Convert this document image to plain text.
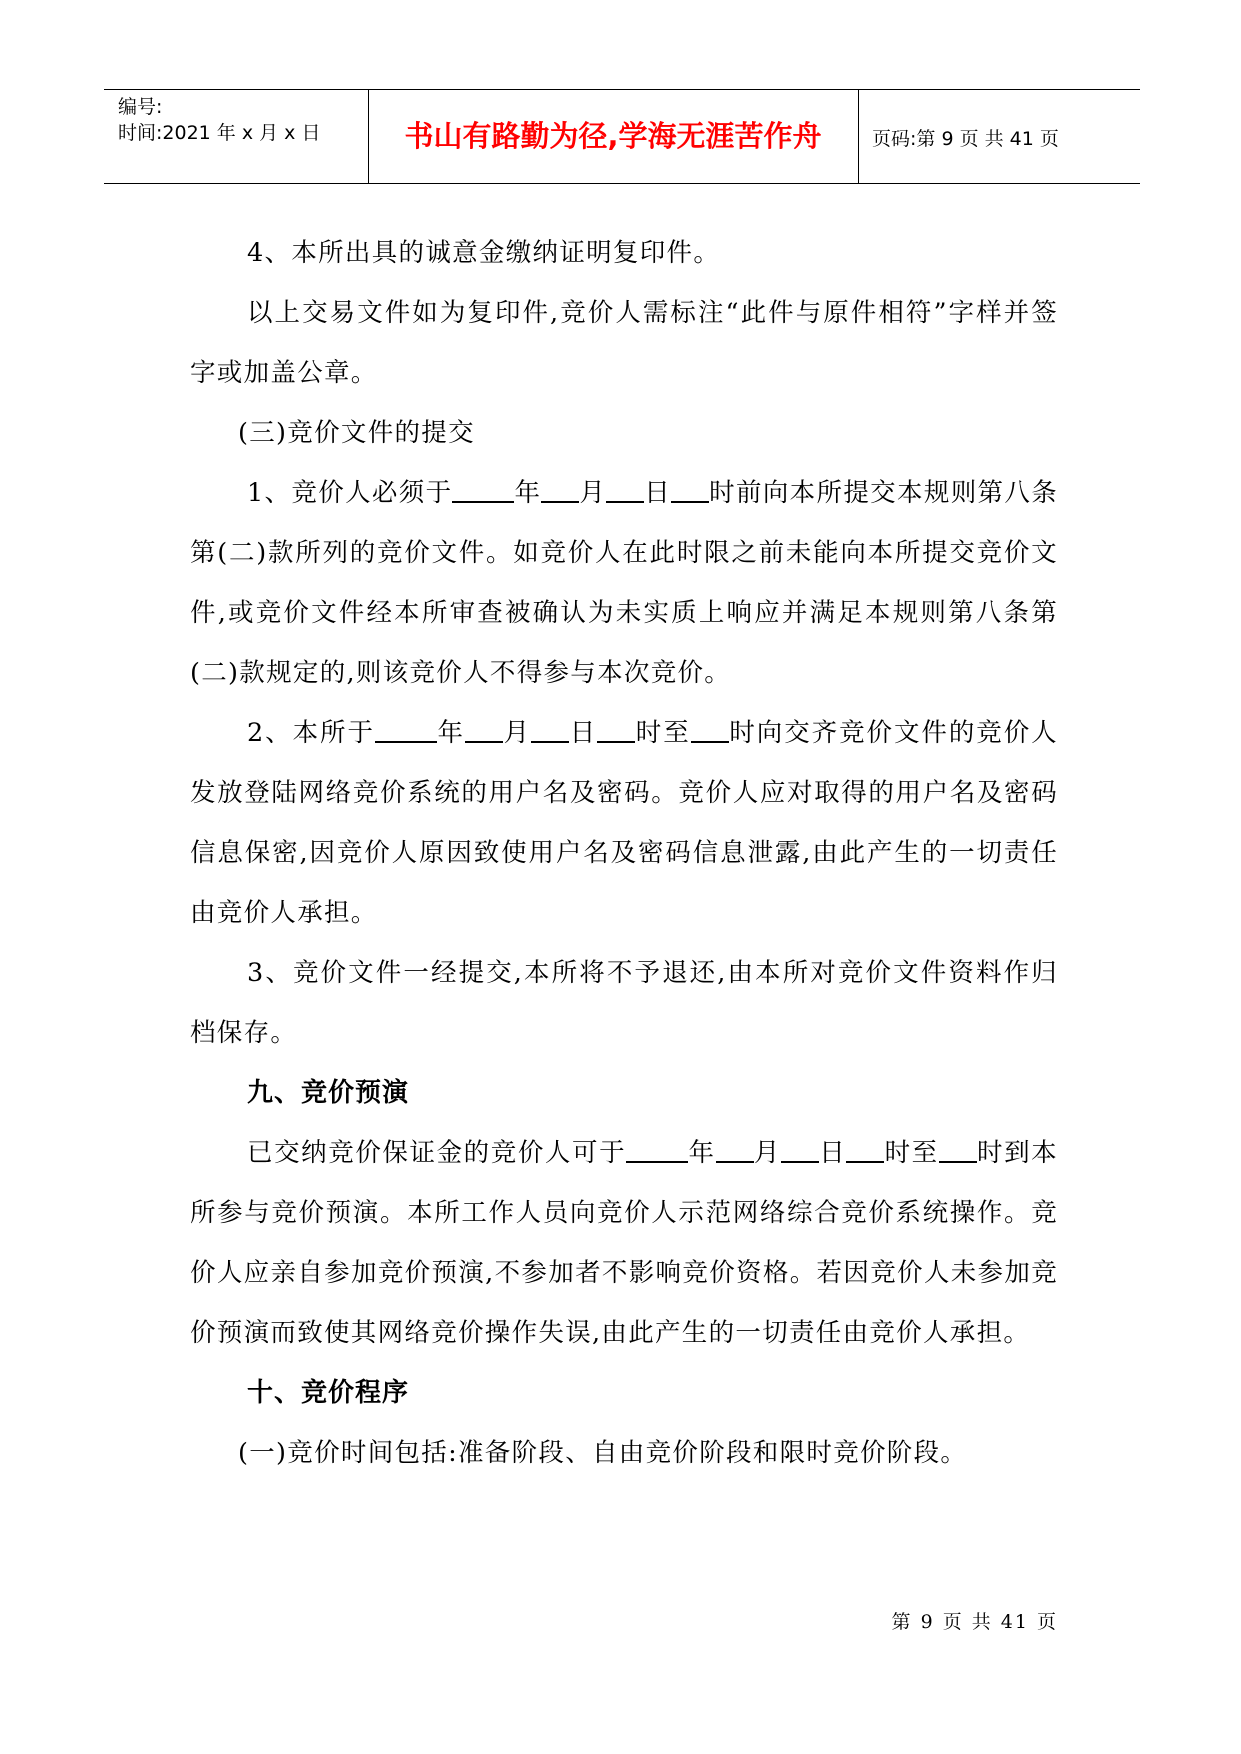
编号:
时间:2021 年 x 月 x 日	书山有路勤为径,学海无涯苦作舟	页码:第 9 页 共 41 页

4、本所出具的诚意金缴纳证明复印件。

以上交易文件如为复印件,竞价人需标注“此件与原件相符”字样并签字或加盖公章。

(三)竞价文件的提交

1、竞价人必须于 年 月 日 时前向本所提交本规则第八条第(二)款所列的竞价文件。如竞价人在此时限之前未能向本所提交竞价文件,或竞价文件经本所审查被确认为未实质上响应并满足本规则第八条第(二)款规定的,则该竞价人不得参与本次竞价。

2、本所于 年 月 日 时至 时向交齐竞价文件的竞价人发放登陆网络竞价系统的用户名及密码。竞价人应对取得的用户名及密码信息保密,因竞价人原因致使用户名及密码信息泄露,由此产生的一切责任由竞价人承担。

3、竞价文件一经提交,本所将不予退还,由本所对竞价文件资料作归档保存。

九、竞价预演

已交纳竞价保证金的竞价人可于 年 月 日 时至 时到本所参与竞价预演。本所工作人员向竞价人示范网络综合竞价系统操作。竞价人应亲自参加竞价预演,不参加者不影响竞价资格。若因竞价人未参加竞价预演而致使其网络竞价操作失误,由此产生的一切责任由竞价人承担。

十、竞价程序

(一)竞价时间包括:准备阶段、自由竞价阶段和限时竞价阶段。

第 9 页 共 41 页
